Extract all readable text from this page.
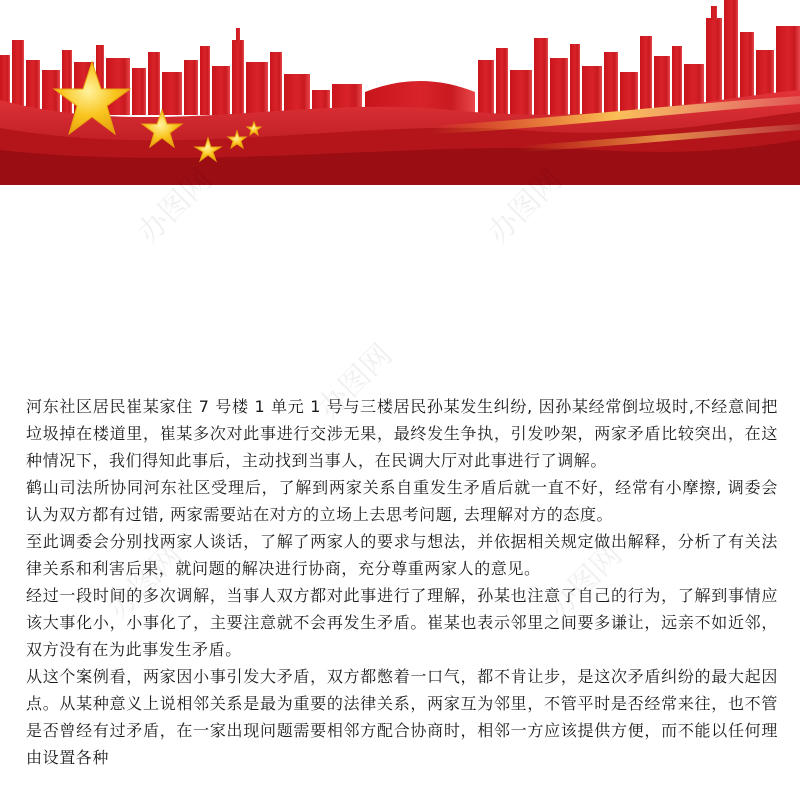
办图网	办图网
办图网
办图网	办图网

河东社区居民崔某家住 7 号楼 1 单元 1 号与三楼居民孙某发生纠纷, 因孙某经常倒垃圾时,不经意间把垃圾掉在楼道里，崔某多次对此事进行交涉无果，最终发生争执，引发吵架，两家矛盾比较突出，在这种情况下，我们得知此事后，主动找到当事人，在民调大厅对此事进行了调解。

鹤山司法所协同河东社区受理后，了解到两家关系自重发生矛盾后就一直不好，经常有小摩擦, 调委会认为双方都有过错, 两家需要站在对方的立场上去思考问题, 去理解对方的态度。

至此调委会分别找两家人谈话，了解了两家人的要求与想法，并依据相关规定做出解释，分析了有关法律关系和利害后果，就问题的解决进行协商，充分尊重两家人的意见。

经过一段时间的多次调解，当事人双方都对此事进行了理解，孙某也注意了自己的行为，了解到事情应该大事化小，小事化了，主要注意就不会再发生矛盾。崔某也表示邻里之间要多谦让，远亲不如近邻，双方没有在为此事发生矛盾。

从这个案例看，两家因小事引发大矛盾，双方都憋着一口气，都不肯让步，是这次矛盾纠纷的最大起因点。从某种意义上说相邻关系是最为重要的法律关系，两家互为邻里，不管平时是否经常来往，也不管是否曾经有过矛盾，在一家出现问题需要相邻方配合协商时，相邻一方应该提供方便，而不能以任何理由设置各种
